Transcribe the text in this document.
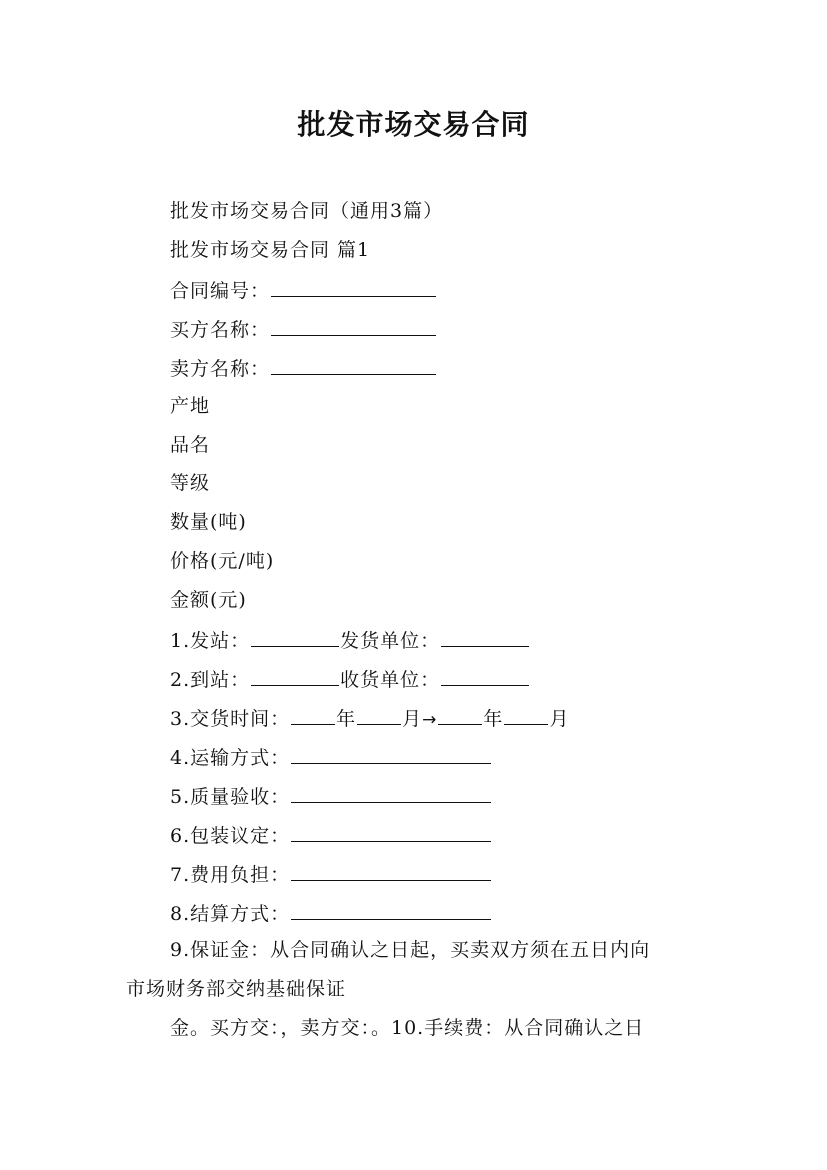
批发市场交易合同
批发市场交易合同（通用3篇）
批发市场交易合同 篇1
合同编号：
买方名称：
卖方名称：
产地
品名
等级
数量(吨)
价格(元/吨)
金额(元)
1.发站：	发货单位：
2.到站：	收货单位：
3.交货时间： 年 月→ 年 月
4.运输方式：
5.质量验收：
6.包装议定：
7.费用负担：
8.结算方式：
9.保证金：从合同确认之日起，买卖双方须在五日内向
市场财务部交纳基础保证
金。买方交：，卖方交：。10.手续费：从合同确认之日
